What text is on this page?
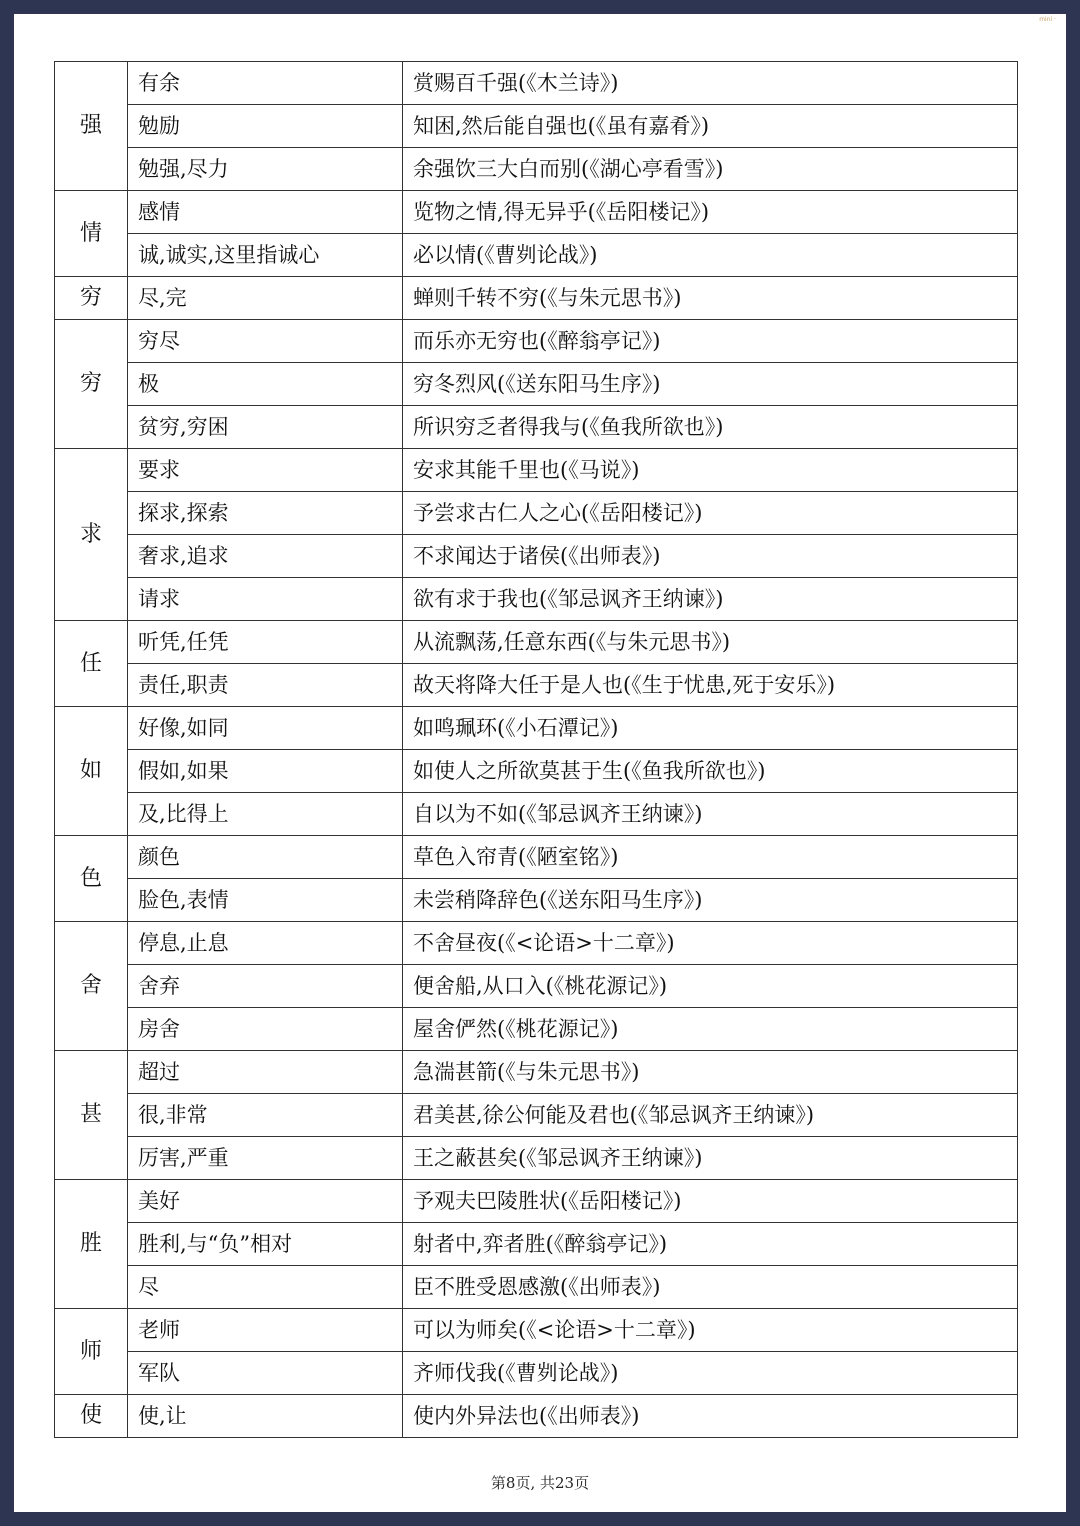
mini ·
强	有余	赏赐百千强(《木兰诗》)
	勉励	知困,然后能自强也(《虽有嘉肴》)
	勉强,尽力	余强饮三大白而别(《湖心亭看雪》)
情	感情	览物之情,得无异乎(《岳阳楼记》)
	诚,诚实,这里指诚心	必以情(《曹刿论战》)
穷	尽,完	蝉则千转不穷(《与朱元思书》)
穷	穷尽	而乐亦无穷也(《醉翁亭记》)
	极	穷冬烈风(《送东阳马生序》)
	贫穷,穷困	所识穷乏者得我与(《鱼我所欲也》)
求	要求	安求其能千里也(《马说》)
	探求,探索	予尝求古仁人之心(《岳阳楼记》)
	奢求,追求	不求闻达于诸侯(《出师表》)
	请求	欲有求于我也(《邹忌讽齐王纳谏》)
任	听凭,任凭	从流飘荡,任意东西(《与朱元思书》)
	责任,职责	故天将降大任于是人也(《生于忧患,死于安乐》)
如	好像,如同	如鸣珮环(《小石潭记》)
	假如,如果	如使人之所欲莫甚于生(《鱼我所欲也》)
	及,比得上	自以为不如(《邹忌讽齐王纳谏》)
色	颜色	草色入帘青(《陋室铭》)
	脸色,表情	未尝稍降辞色(《送东阳马生序》)
舍	停息,止息	不舍昼夜(《<论语>十二章》)
	舍弃	便舍船,从口入(《桃花源记》)
	房舍	屋舍俨然(《桃花源记》)
甚	超过	急湍甚箭(《与朱元思书》)
	很,非常	君美甚,徐公何能及君也(《邹忌讽齐王纳谏》)
	厉害,严重	王之蔽甚矣(《邹忌讽齐王纳谏》)
胜	美好	予观夫巴陵胜状(《岳阳楼记》)
	胜利,与“负”相对	射者中,弈者胜(《醉翁亭记》)
	尽	臣不胜受恩感激(《出师表》)
师	老师	可以为师矣(《<论语>十二章》)
	军队	齐师伐我(《曹刿论战》)
使	使,让	使内外异法也(《出师表》)
第8页, 共23页
